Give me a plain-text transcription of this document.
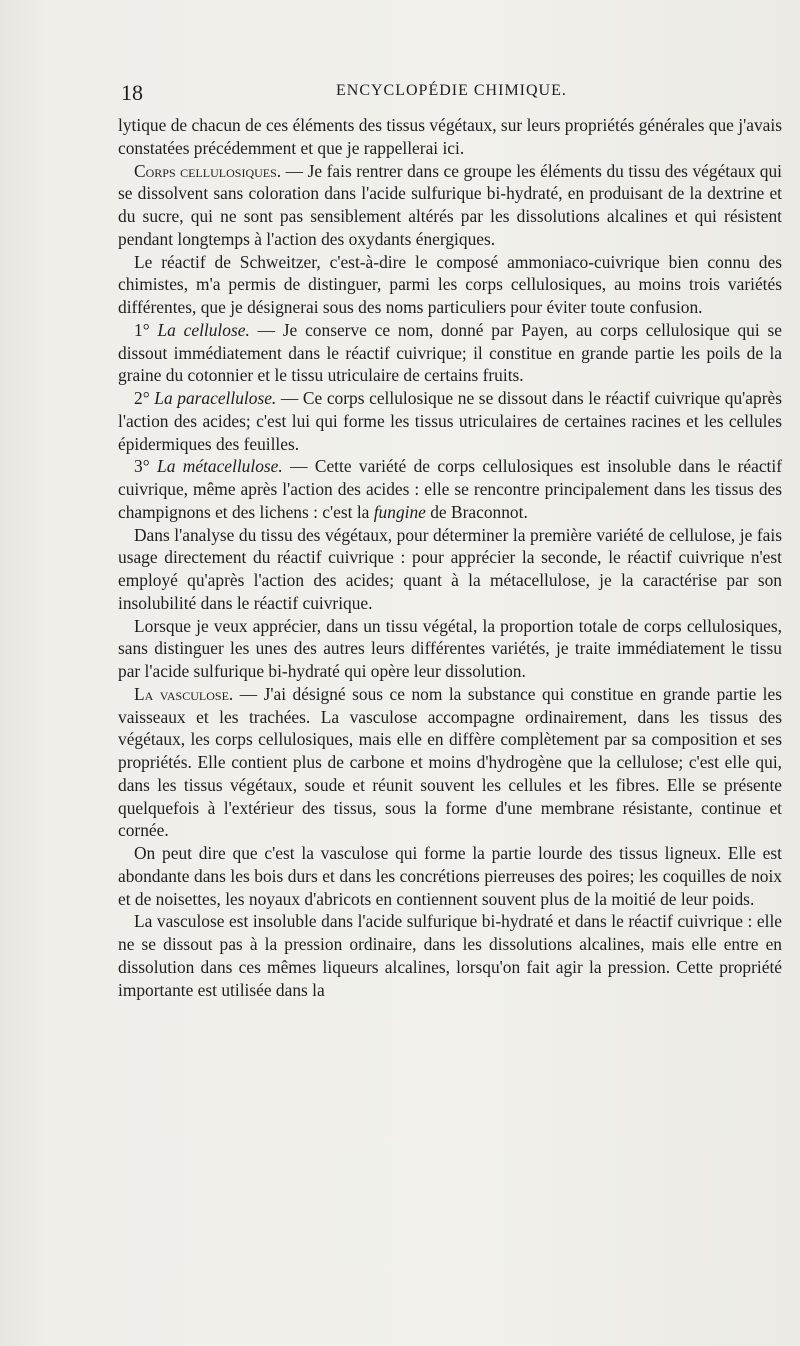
18	ENCYCLOPÉDIE CHIMIQUE.

lytique de chacun de ces éléments des tissus végétaux, sur leurs propriétés générales que j'avais constatées précédemment et que je rappellerai ici.

Corps cellulosiques. — Je fais rentrer dans ce groupe les éléments du tissu des végétaux qui se dissolvent sans coloration dans l'acide sulfurique bi-hydraté, en produisant de la dextrine et du sucre, qui ne sont pas sensiblement altérés par les dissolutions alcalines et qui résistent pendant longtemps à l'action des oxydants énergiques.

Le réactif de Schweitzer, c'est-à-dire le composé ammoniaco-cuivrique bien connu des chimistes, m'a permis de distinguer, parmi les corps cellulosiques, au moins trois variétés différentes, que je désignerai sous des noms particuliers pour éviter toute confusion.

1° La cellulose. — Je conserve ce nom, donné par Payen, au corps cellulosique qui se dissout immédiatement dans le réactif cuivrique; il constitue en grande partie les poils de la graine du cotonnier et le tissu utriculaire de certains fruits.

2° La paracellulose. — Ce corps cellulosique ne se dissout dans le réactif cuivrique qu'après l'action des acides; c'est lui qui forme les tissus utriculaires de certaines racines et les cellules épidermiques des feuilles.

3° La métacellulose. — Cette variété de corps cellulosiques est insoluble dans le réactif cuivrique, même après l'action des acides : elle se rencontre principalement dans les tissus des champignons et des lichens : c'est la fungine de Braconnot.

Dans l'analyse du tissu des végétaux, pour déterminer la première variété de cellulose, je fais usage directement du réactif cuivrique : pour apprécier la seconde, le réactif cuivrique n'est employé qu'après l'action des acides; quant à la métacellulose, je la caractérise par son insolubilité dans le réactif cuivrique.

Lorsque je veux apprécier, dans un tissu végétal, la proportion totale de corps cellulosiques, sans distinguer les unes des autres leurs différentes variétés, je traite immédiatement le tissu par l'acide sulfurique bi-hydraté qui opère leur dissolution.

La vasculose. — J'ai désigné sous ce nom la substance qui constitue en grande partie les vaisseaux et les trachées. La vasculose accompagne ordinairement, dans les tissus des végétaux, les corps cellulosiques, mais elle en diffère complètement par sa composition et ses propriétés. Elle contient plus de carbone et moins d'hydrogène que la cellulose; c'est elle qui, dans les tissus végétaux, soude et réunit souvent les cellules et les fibres. Elle se présente quelquefois à l'extérieur des tissus, sous la forme d'une membrane résistante, continue et cornée.

On peut dire que c'est la vasculose qui forme la partie lourde des tissus ligneux. Elle est abondante dans les bois durs et dans les concrétions pierreuses des poires; les coquilles de noix et de noisettes, les noyaux d'abricots en contiennent souvent plus de la moitié de leur poids.

La vasculose est insoluble dans l'acide sulfurique bi-hydraté et dans le réactif cuivrique : elle ne se dissout pas à la pression ordinaire, dans les dissolutions alcalines, mais elle entre en dissolution dans ces mêmes liqueurs alcalines, lorsqu'on fait agir la pression. Cette propriété importante est utilisée dans la
